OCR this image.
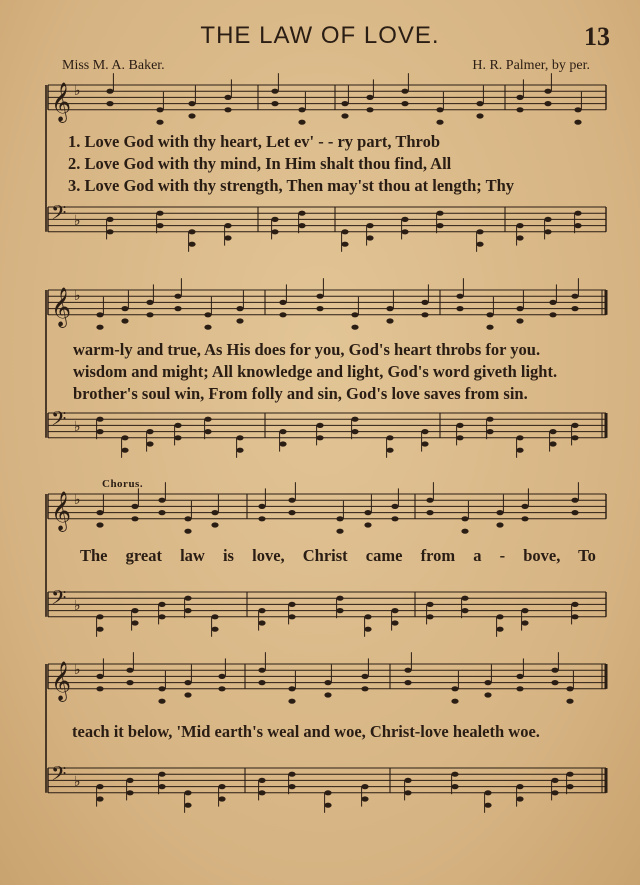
THE LAW OF LOVE.	13
Miss M. A. Baker.	H. R. Palmer, by per.
𝄞 ♭
𝄢 ♭
𝄞 ♭
𝄢 ♭
𝄞 ♭
𝄢 ♭
𝄞 ♭
𝄢 ♭
1. Love God with thy heart, Let ev' - - ry part, Throb
2. Love God with thy mind, In Him shalt thou find, All
3. Love God with thy strength, Then may'st thou at length; Thy
warm-ly and true, As His does for you, God's heart throbs for you.
wisdom and might; All knowledge and light, God's word giveth light.
brother's soul win, From folly and sin, God's love saves from sin.
Chorus.
The great law is love, Christ came from a - bove, To
teach it below, 'Mid earth's weal and woe, Christ-love healeth woe.
